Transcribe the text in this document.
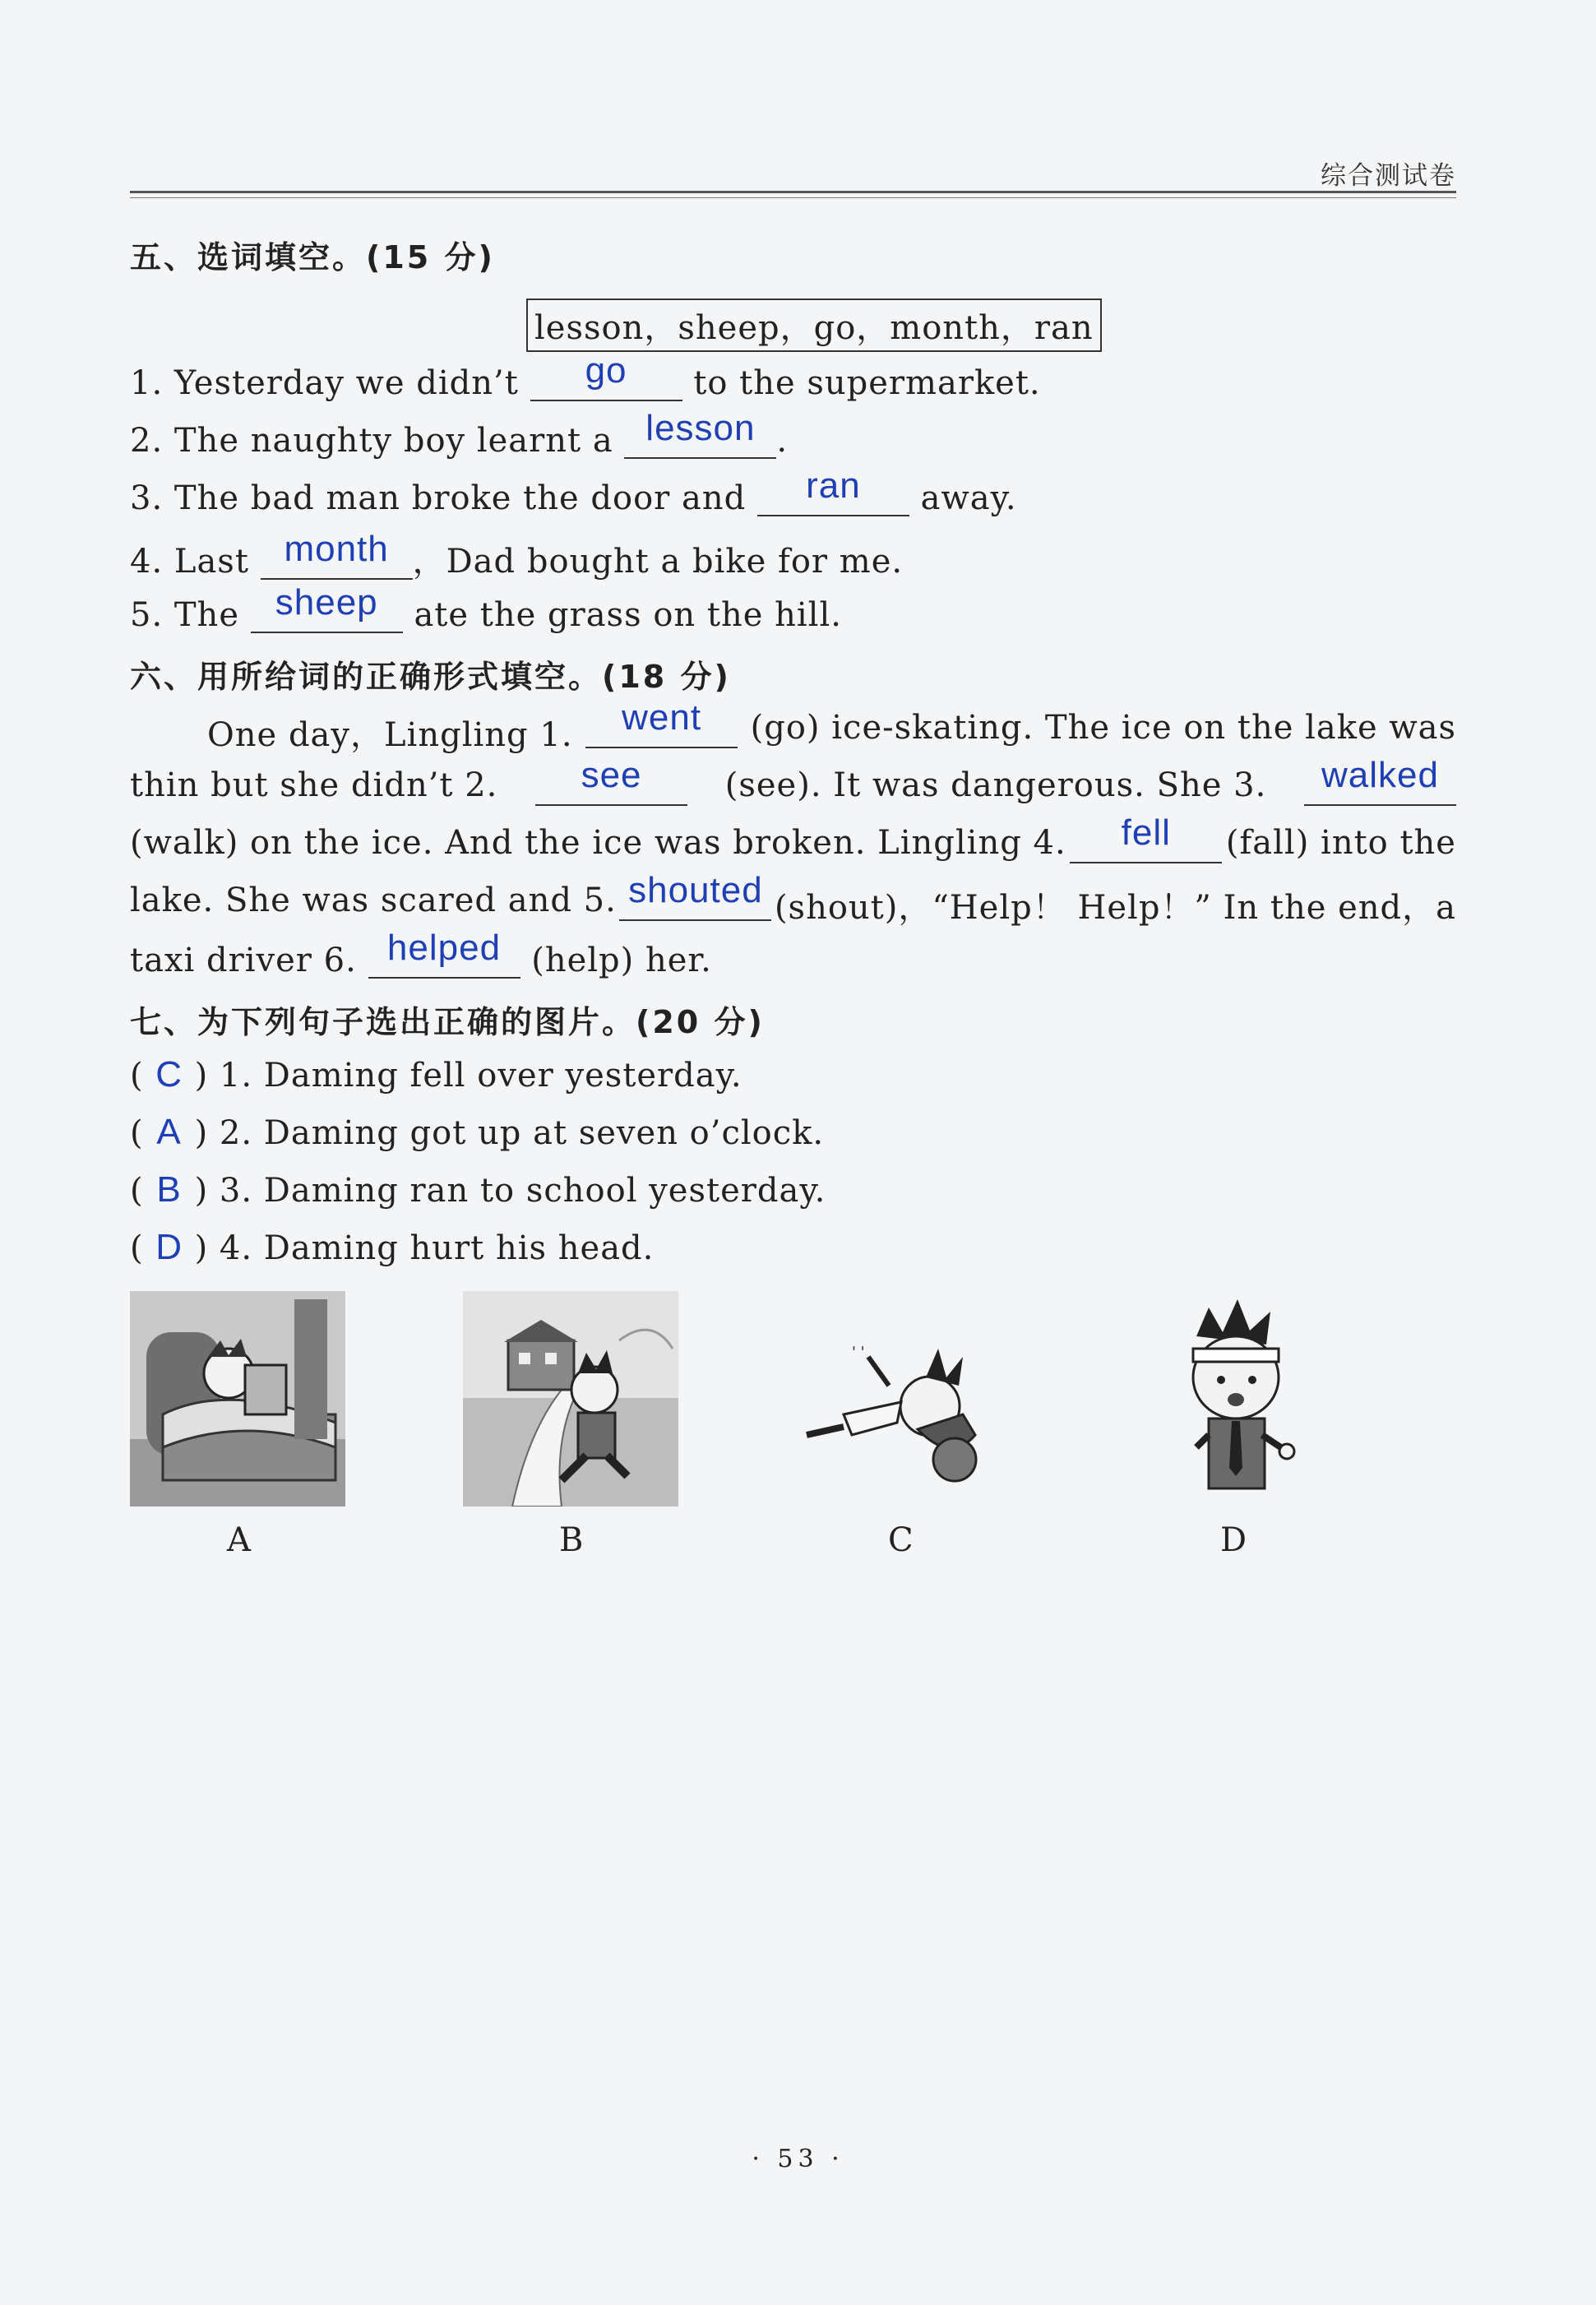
综合测试卷
五、选词填空。(15 分)
lesson，sheep，go，month，ran
1. Yesterday we didn’t go to the supermarket.
2. The naughty boy learnt a lesson .
3. The bad man broke the door and ran away.
4. Last month ，Dad bought a bike for me.
5. The sheep ate the grass on the hill.
六、用所给词的正确形式填空。(18 分)
One day，Lingling 1.	went	(go) ice-skating. The ice on the lake was
thin but she didn’t 2.	see	(see). It was dangerous. She 3.	walked
(walk) on the ice. And the ice was broken. Lingling 4.	fell	(fall) into the
lake. She was scared and 5. shouted (shout)，“Help！ Help！” In the end，a
taxi driver 6. helped (help) her.
七、为下列句子选出正确的图片。(20 分)
( C ) 1. Daming fell over yesterday.
( A ) 2. Daming got up at seven o’clock.
( B ) 3. Daming ran to school yesterday.
( D ) 4. Daming hurt his head.
A	B
' '
C	D
· 53 ·
